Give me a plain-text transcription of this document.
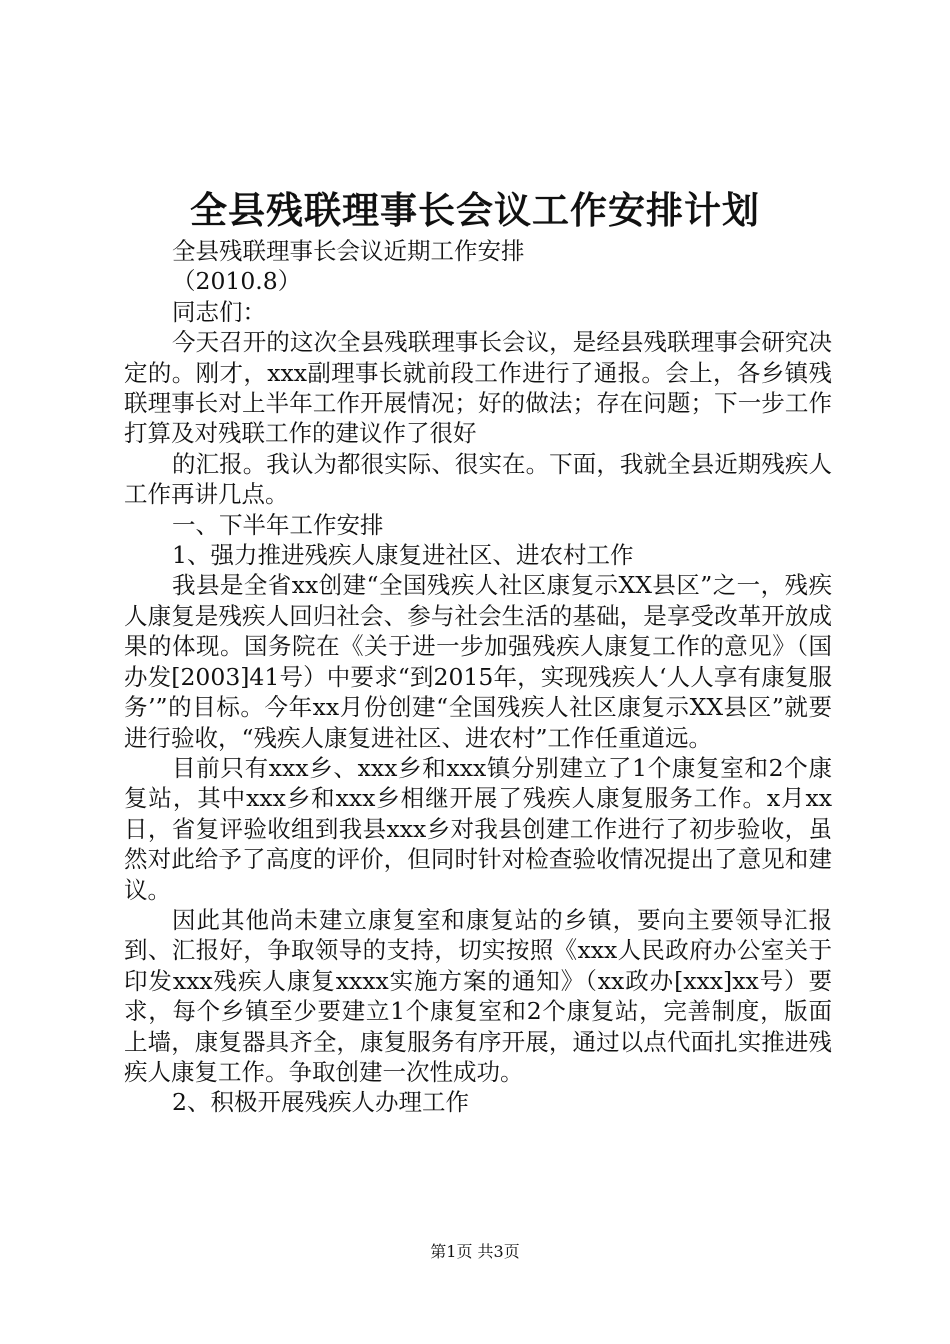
全县残联理事长会议工作安排计划

全县残联理事长会议近期工作安排

（2010.8）

同志们：

今天召开的这次全县残联理事长会议，是经县残联理事会研究决定的。刚才，xxx副理事长就前段工作进行了通报。会上，各乡镇残联理事长对上半年工作开展情况；好的做法；存在问题；下一步工作打算及对残联工作的建议作了很好

的汇报。我认为都很实际、很实在。下面，我就全县近期残疾人工作再讲几点。

一、下半年工作安排

1、强力推进残疾人康复进社区、进农村工作

我县是全省xx创建“全国残疾人社区康复示XX县区”之一，残疾人康复是残疾人回归社会、参与社会生活的基础，是享受改革开放成果的体现。国务院在《关于进一步加强残疾人康复工作的意见》（国办发[2003]41号）中要求“到2015年，实现残疾人‘人人享有康复服务’”的目标。今年xx月份创建“全国残疾人社区康复示XX县区”就要进行验收，“残疾人康复进社区、进农村”工作任重道远。

目前只有xxx乡、xxx乡和xxx镇分别建立了1个康复室和2个康复站，其中xxx乡和xxx乡相继开展了残疾人康复服务工作。x月xx日，省复评验收组到我县xxx乡对我县创建工作进行了初步验收，虽然对此给予了高度的评价，但同时针对检查验收情况提出了意见和建议。

因此其他尚未建立康复室和康复站的乡镇，要向主要领导汇报到、汇报好，争取领导的支持，切实按照《xxx人民政府办公室关于印发xxx残疾人康复xxxx实施方案的通知》（xx政办[xxx]xx号）要求，每个乡镇至少要建立1个康复室和2个康复站，完善制度，版面上墙，康复器具齐全，康复服务有序开展，通过以点代面扎实推进残疾人康复工作。争取创建一次性成功。

2、积极开展残疾人办理工作

第1页 共3页
